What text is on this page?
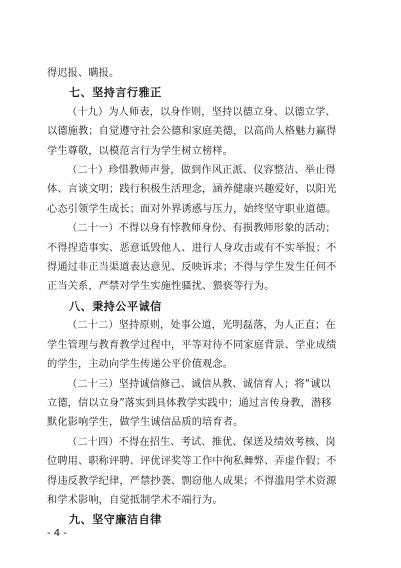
得迟报、瞒报。
七、坚持言行雅正
（十九）为人师表，以身作则，坚持以德立身、以德立学、
以德施教；自觉遵守社会公德和家庭美德，以高尚人格魅力赢得
学生尊敬，以模范言行为学生树立榜样。
（二十）珍惜教师声誉，做到作风正派、仪容整洁、举止得
体、言谈文明；践行积极生活理念，涵养健康兴趣爱好，以阳光
心态引领学生成长；面对外界诱惑与压力，始终坚守职业道德。
（二十一）不得以身有悖教师身份、有损教师形象的活动；
不得捏造事实、恶意诋毁他人、进行人身攻击或有不实举报；不
得通过非正当渠道表达意见、反映诉求；不得与学生发生任何不
正当关系，严禁对学生实施性骚扰、猥亵等行为。
八、秉持公平诚信
（二十二）坚持原则，处事公道，光明磊落，为人正直；在
学生管理与教育教学过程中，平等对待不同家庭背景、学业成绩
的学生，主动向学生传递公平价值观念。
（二十三）坚持诚信修己、诚信从教、诚信育人；将“诚以
立德，信以立身”落实到具体教学实践中；通过言传身教，潜移
默化影响学生，做学生诚信品质的培育者。
（二十四）不得在招生、考试、推优、保送及绩效考核、岗
位聘用、职称评聘、评优评奖等工作中徇私舞弊、弄虚作假；不
得违反教学纪律，严禁抄袭、剽窃他人成果；不得滥用学术资源
和学术影响，自觉抵制学术不端行为。
九、坚守廉洁自律
- 4 -
